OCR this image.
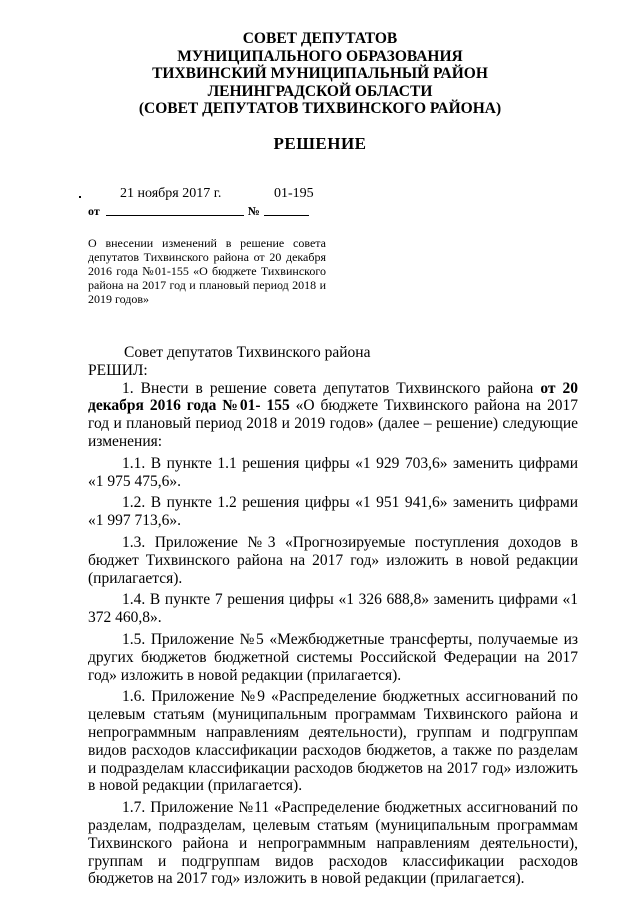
СОВЕТ ДЕПУТАТОВ
МУНИЦИПАЛЬНОГО ОБРАЗОВАНИЯ
ТИХВИНСКИЙ МУНИЦИПАЛЬНЫЙ РАЙОН
ЛЕНИНГРАДСКОЙ ОБЛАСТИ
(СОВЕТ ДЕПУТАТОВ ТИХВИНСКОГО РАЙОНА)
РЕШЕНИЕ
21 ноября 2017 г.	01-195
от	№
О внесении изменений в решение совета депутатов Тихвинского района от 20 декабря 2016 года №01-155 «О бюджете Тихвинского района на 2017 год и плановый период 2018 и 2019 годов»

Совет депутатов Тихвинского района

РЕШИЛ:

1. Внести в решение совета депутатов Тихвинского района от 20 декабря 2016 года №01- 155 «О бюджете Тихвинского района на 2017 год и плановый период 2018 и 2019 годов» (далее – решение) следующие изменения:

1.1. В пункте 1.1 решения цифры «1 929 703,6» заменить цифрами «1 975 475,6».

1.2. В пункте 1.2 решения цифры «1 951 941,6» заменить цифрами «1 997 713,6».

1.3. Приложение №3 «Прогнозируемые поступления доходов в бюджет Тихвинского района на 2017 год» изложить в новой редакции (прилагается).

1.4. В пункте 7 решения цифры «1 326 688,8» заменить цифрами «1 372 460,8».

1.5. Приложение №5 «Межбюджетные трансферты, получаемые из других бюджетов бюджетной системы Российской Федерации на 2017 год» изложить в новой редакции (прилагается).

1.6. Приложение №9 «Распределение бюджетных ассигнований по целевым статьям (муниципальным программам Тихвинского района и непрограммным направлениям деятельности), группам и подгруппам видов расходов классификации расходов бюджетов, а также по разделам и подразделам классификации расходов бюджетов на 2017 год» изложить в новой редакции (прилагается).

1.7. Приложение №11 «Распределение бюджетных ассигнований по разделам, подразделам, целевым статьям (муниципальным программам Тихвинского района и непрограммным направлениям деятельности), группам и подгруппам видов расходов классификации расходов бюджетов на 2017 год» изложить в новой редакции (прилагается).
